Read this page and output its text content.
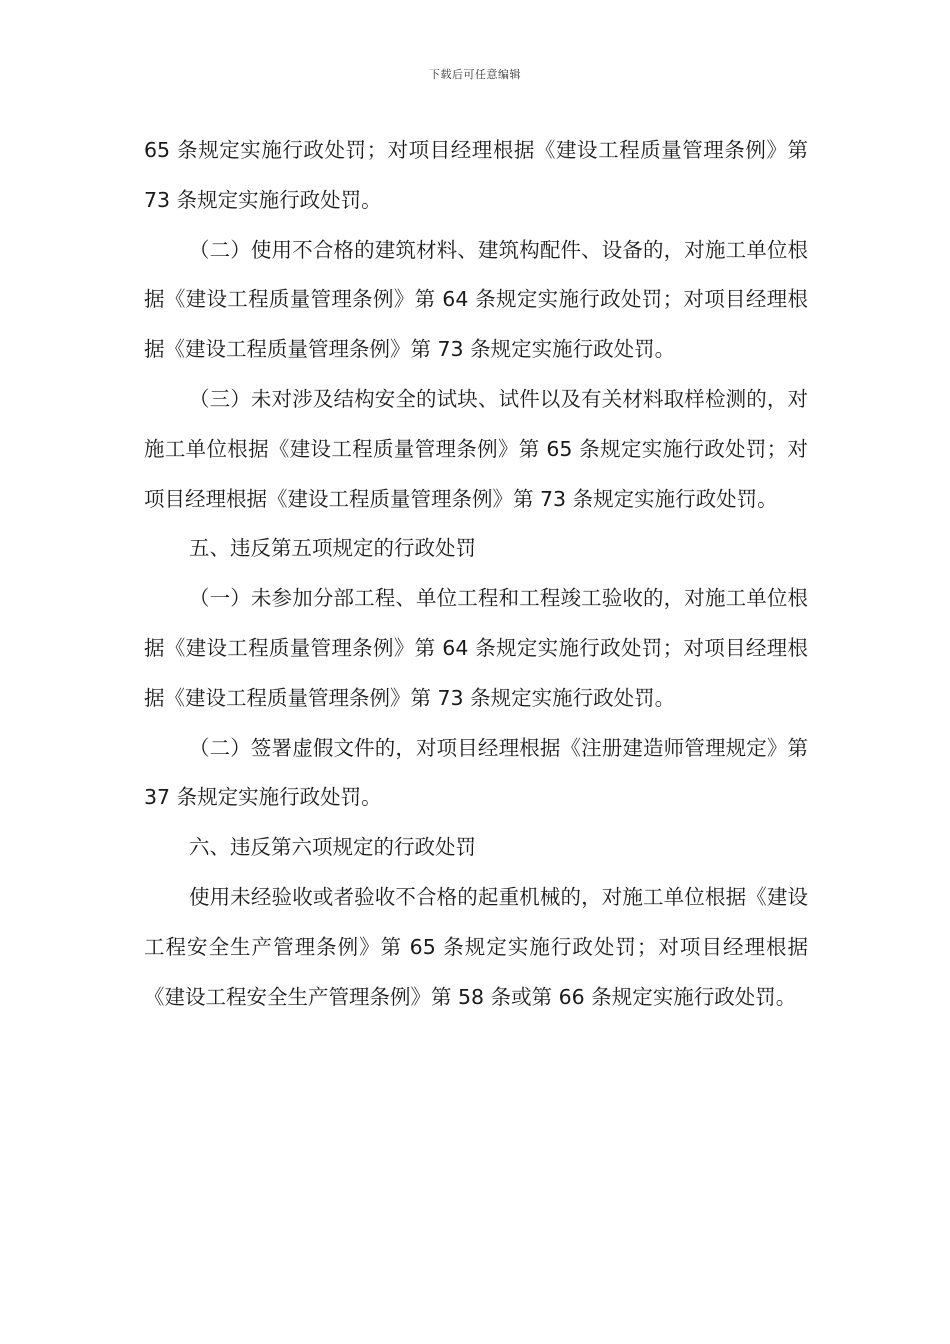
下载后可任意编辑

65 条规定实施行政处罚；对项目经理根据《建设工程质量管理条例》第 73 条规定实施行政处罚。

（二）使用不合格的建筑材料、建筑构配件、设备的，对施工单位根据《建设工程质量管理条例》第 64 条规定实施行政处罚；对项目经理根据《建设工程质量管理条例》第 73 条规定实施行政处罚。

（三）未对涉及结构安全的试块、试件以及有关材料取样检测的，对施工单位根据《建设工程质量管理条例》第 65 条规定实施行政处罚；对项目经理根据《建设工程质量管理条例》第 73 条规定实施行政处罚。

五、违反第五项规定的行政处罚

（一）未参加分部工程、单位工程和工程竣工验收的，对施工单位根据《建设工程质量管理条例》第 64 条规定实施行政处罚；对项目经理根据《建设工程质量管理条例》第 73 条规定实施行政处罚。

（二）签署虚假文件的，对项目经理根据《注册建造师管理规定》第 37 条规定实施行政处罚。

六、违反第六项规定的行政处罚

使用未经验收或者验收不合格的起重机械的，对施工单位根据《建设工程安全生产管理条例》第 65 条规定实施行政处罚；对项目经理根据《建设工程安全生产管理条例》第 58 条或第 66 条规定实施行政处罚。
